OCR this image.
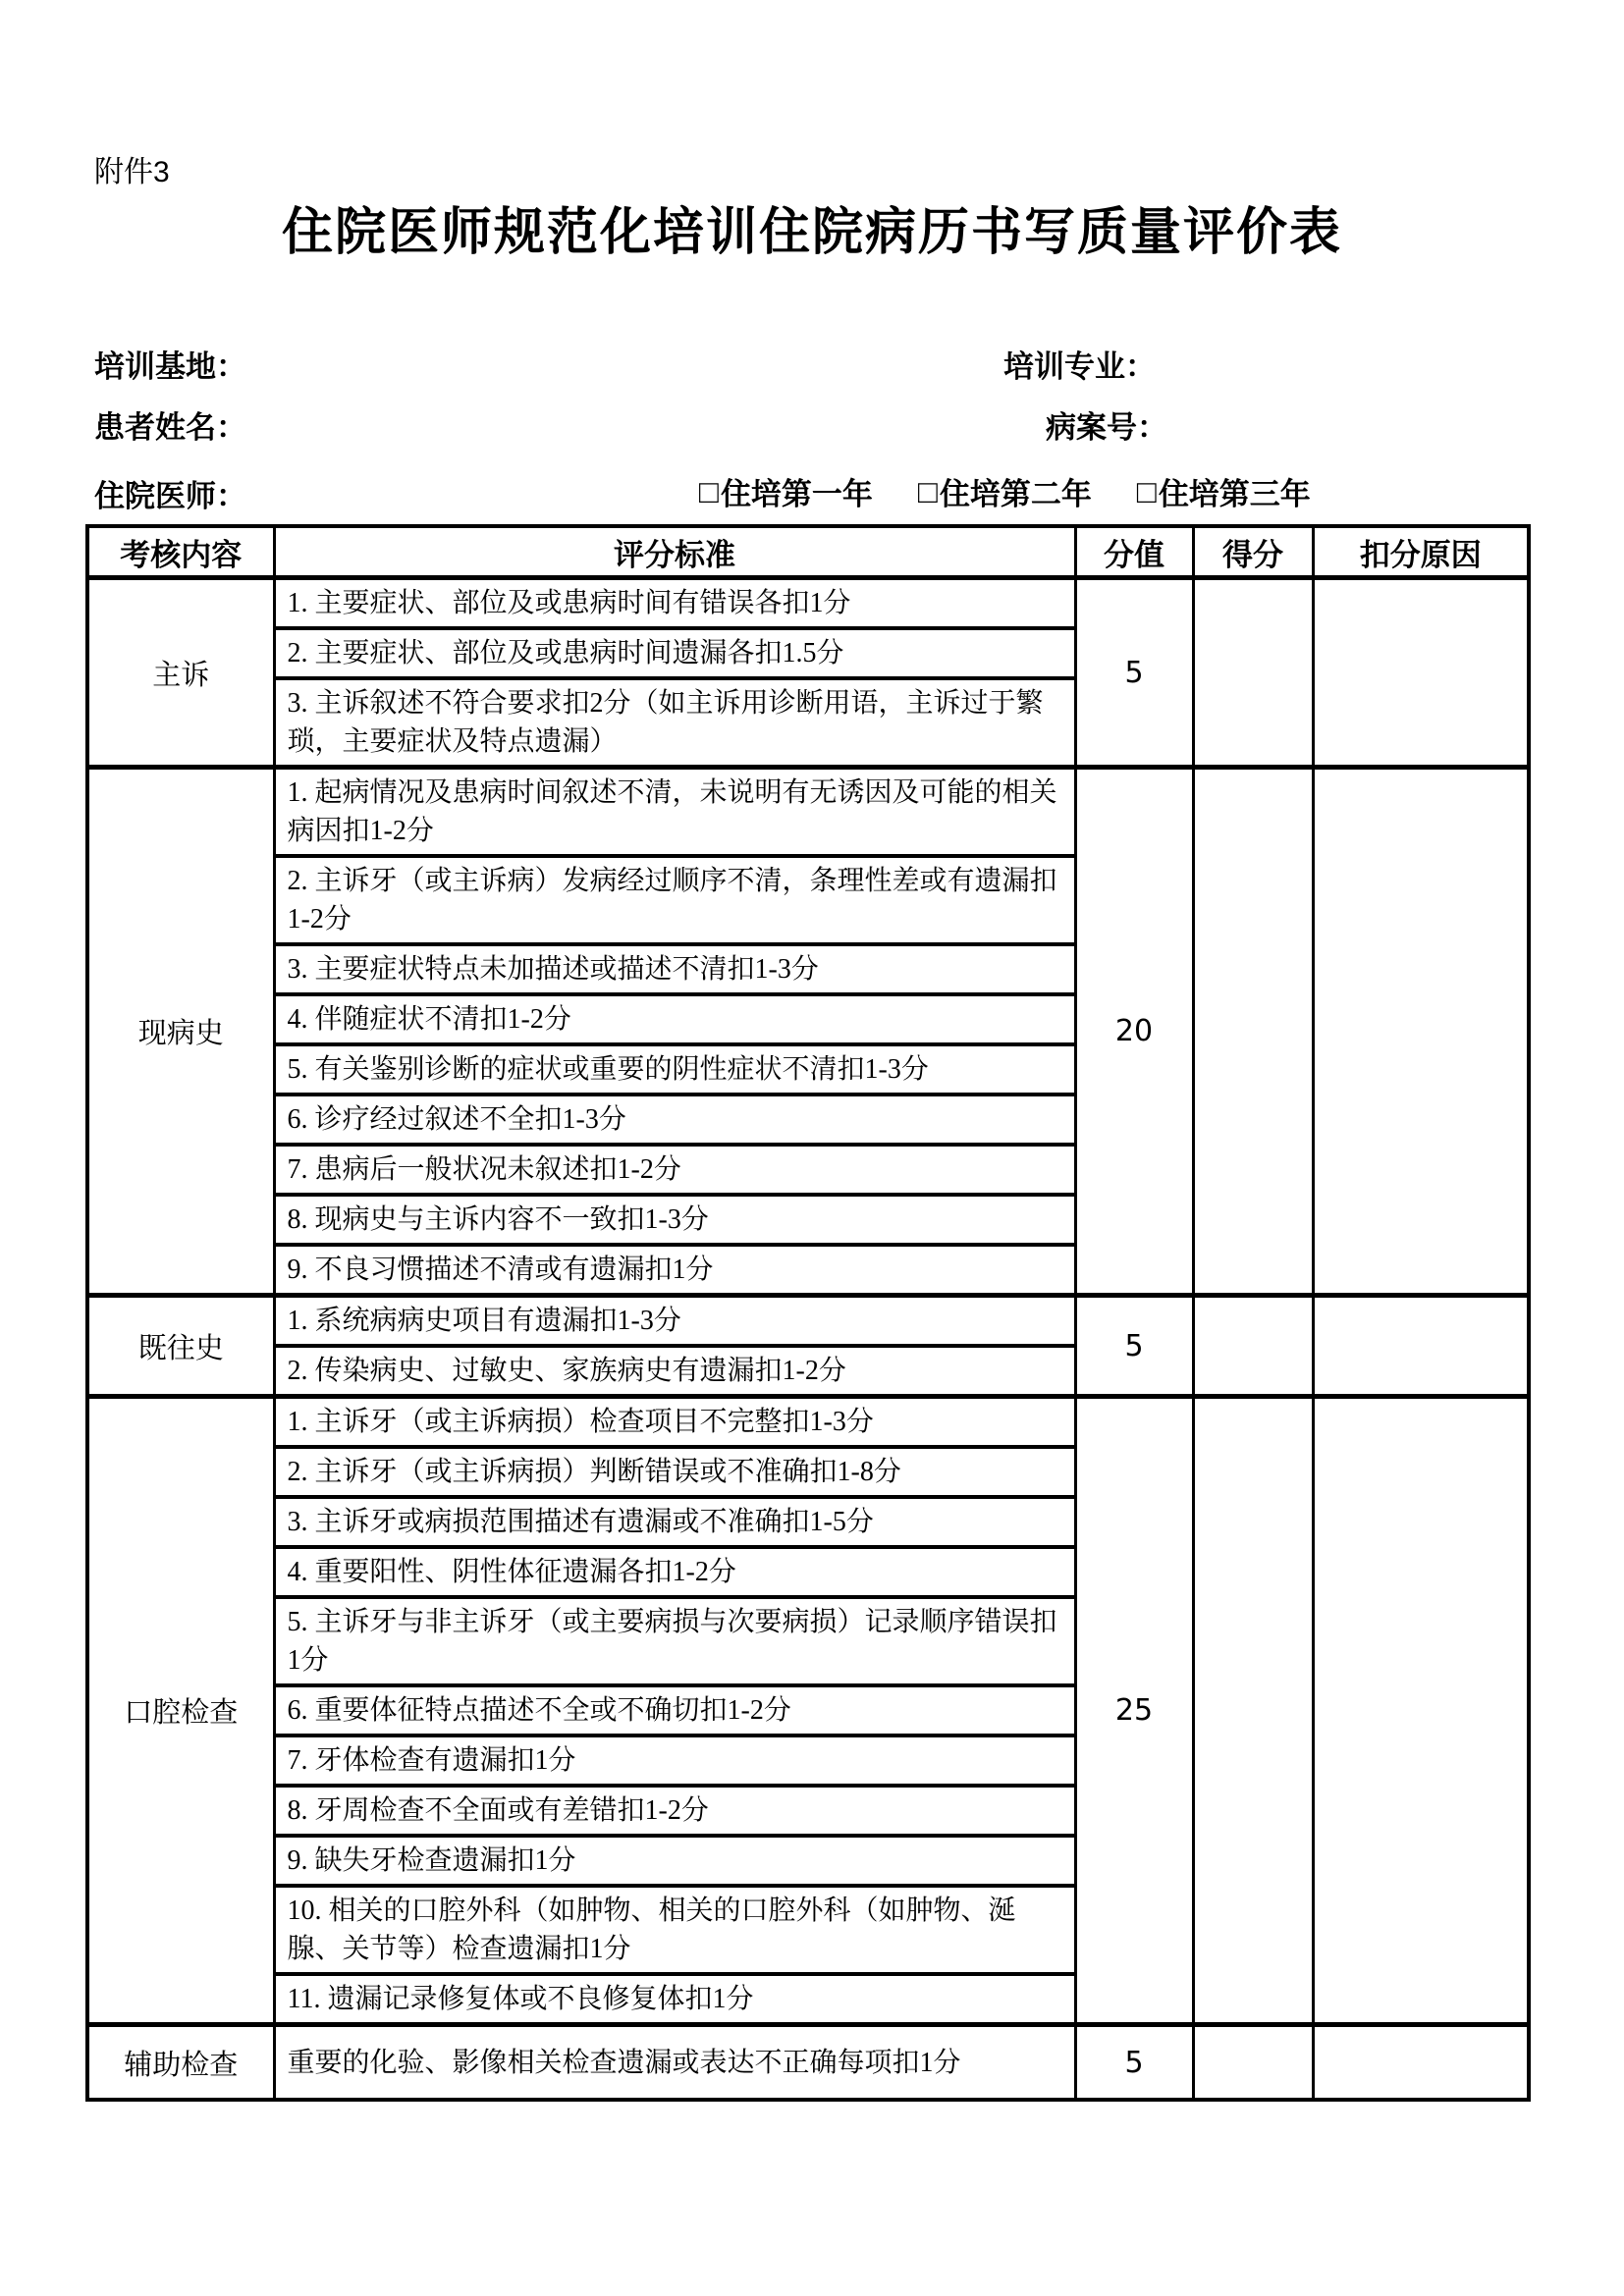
附件3
住院医师规范化培训住院病历书写质量评价表
培训基地：	培训专业：
患者姓名：	病案号：
住院医师：	□ 住培第一年 □ 住培第二年 □ 住培第三年
考核内容	评分标准	分值	得分	扣分原因
主诉	1. 主要症状、部位及或患病时间有错误各扣1分	5		
	2. 主要症状、部位及或患病时间遗漏各扣1.5分			
	3. 主诉叙述不符合要求扣2分（如主诉用诊断用语，主诉过于繁琐，主要症状及特点遗漏）			
现病史	1. 起病情况及患病时间叙述不清，未说明有无诱因及可能的相关病因扣1-2分	20		
	2. 主诉牙（或主诉病）发病经过顺序不清，条理性差或有遗漏扣1-2分			
	3. 主要症状特点未加描述或描述不清扣1-3分			
	4. 伴随症状不清扣1-2分			
	5. 有关鉴别诊断的症状或重要的阴性症状不清扣1-3分			
	6. 诊疗经过叙述不全扣1-3分			
	7. 患病后一般状况未叙述扣1-2分			
	8. 现病史与主诉内容不一致扣1-3分			
	9. 不良习惯描述不清或有遗漏扣1分			
既往史	1. 系统病病史项目有遗漏扣1-3分	5		
	2. 传染病史、过敏史、家族病史有遗漏扣1-2分			
口腔检查	1. 主诉牙（或主诉病损）检查项目不完整扣1-3分	25		
	2. 主诉牙（或主诉病损）判断错误或不准确扣1-8分			
	3. 主诉牙或病损范围描述有遗漏或不准确扣1-5分			
	4. 重要阳性、阴性体征遗漏各扣1-2分			
	5. 主诉牙与非主诉牙（或主要病损与次要病损）记录顺序错误扣1分			
	6. 重要体征特点描述不全或不确切扣1-2分			
	7. 牙体检查有遗漏扣1分			
	8. 牙周检查不全面或有差错扣1-2分			
	9. 缺失牙检查遗漏扣1分			
	10. 相关的口腔外科（如肿物、相关的口腔外科（如肿物、涎腺、关节等）检查遗漏扣1分			
	11. 遗漏记录修复体或不良修复体扣1分			
辅助检查	重要的化验、影像相关检查遗漏或表达不正确每项扣1分	5		
